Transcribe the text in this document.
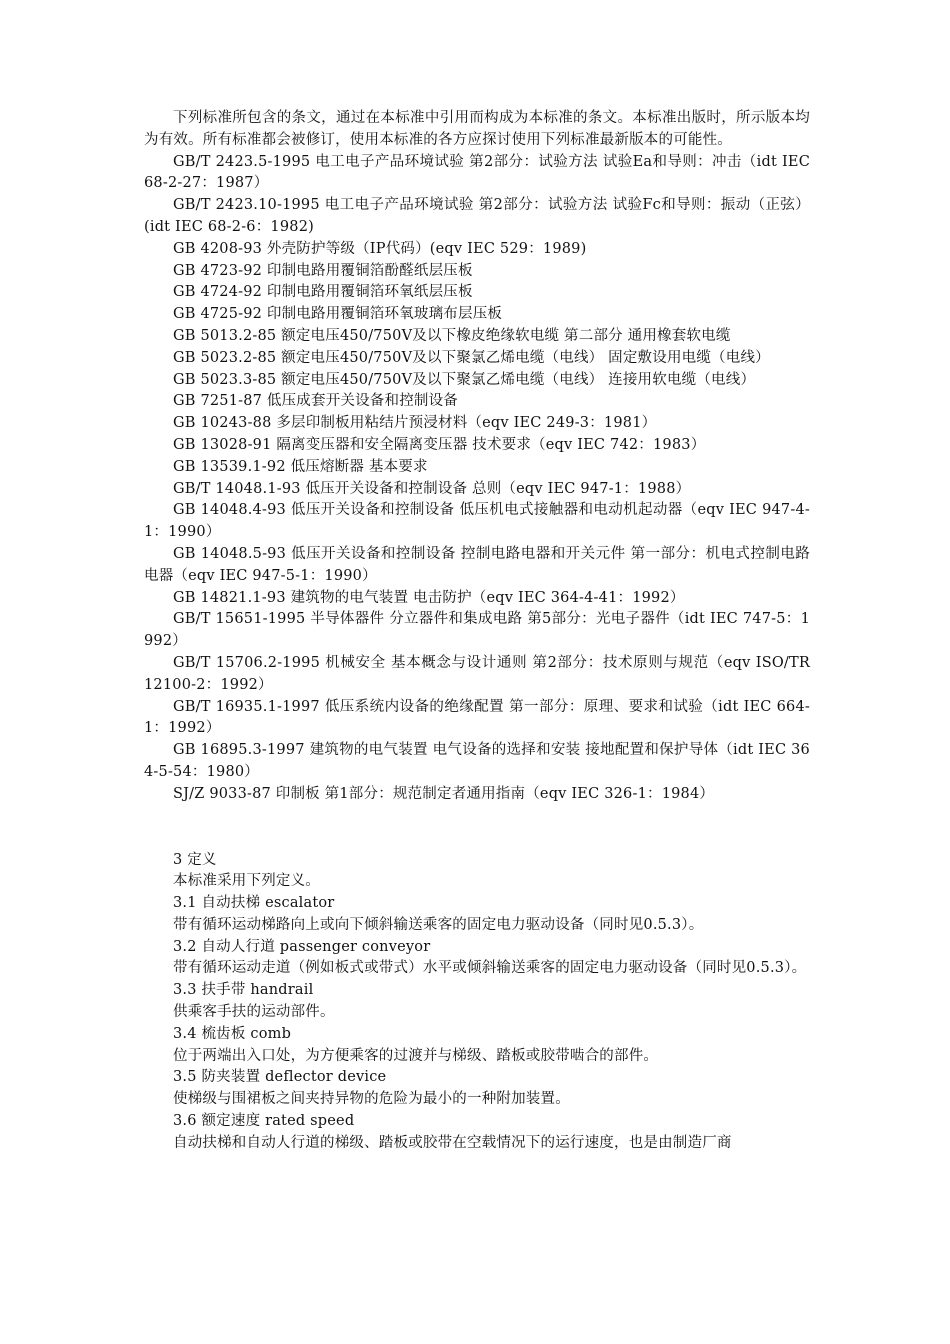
下列标准所包含的条文，通过在本标准中引用而构成为本标准的条文。本标准出版时，所示版本均为有效。所有标准都会被修订，使用本标准的各方应探讨使用下列标准最新版本的可能性。

GB/T 2423.5-1995 电工电子产品环境试验 第2部分：试验方法 试验Ea和导则：冲击（idt IEC 68-2-27：1987）

GB/T 2423.10-1995 电工电子产品环境试验 第2部分：试验方法 试验Fc和导则：振动（正弦）(idt IEC 68-2-6：1982)

GB 4208-93 外壳防护等级（IP代码）(eqv IEC 529：1989)

GB 4723-92 印制电路用覆铜箔酚醛纸层压板

GB 4724-92 印制电路用覆铜箔环氧纸层压板

GB 4725-92 印制电路用覆铜箔环氧玻璃布层压板

GB 5013.2-85 额定电压450/750V及以下橡皮绝缘软电缆 第二部分 通用橡套软电缆

GB 5023.2-85 额定电压450/750V及以下聚氯乙烯电缆（电线） 固定敷设用电缆（电线）

GB 5023.3-85 额定电压450/750V及以下聚氯乙烯电缆（电线） 连接用软电缆（电线）

GB 7251-87 低压成套开关设备和控制设备

GB 10243-88 多层印制板用粘结片预浸材料（eqv IEC 249-3：1981）

GB 13028-91 隔离变压器和安全隔离变压器 技术要求（eqv IEC 742：1983）

GB 13539.1-92 低压熔断器 基本要求

GB/T 14048.1-93 低压开关设备和控制设备 总则（eqv IEC 947-1：1988）

GB 14048.4-93 低压开关设备和控制设备 低压机电式接触器和电动机起动器（eqv IEC 947-4-1：1990）

GB 14048.5-93 低压开关设备和控制设备 控制电路电器和开关元件 第一部分：机电式控制电路电器（eqv IEC 947-5-1：1990）

GB 14821.1-93 建筑物的电气装置 电击防护（eqv IEC 364-4-41：1992）

GB/T 15651-1995 半导体器件 分立器件和集成电路 第5部分：光电子器件（idt IEC 747-5：1992）

GB/T 15706.2-1995 机械安全 基本概念与设计通则 第2部分：技术原则与规范（eqv ISO/TR 12100-2：1992）

GB/T 16935.1-1997 低压系统内设备的绝缘配置 第一部分：原理、要求和试验（idt IEC 664-1：1992）

GB 16895.3-1997 建筑物的电气装置 电气设备的选择和安装 接地配置和保护导体（idt IEC 364-5-54：1980）

SJ/Z 9033-87 印制板 第1部分：规范制定者通用指南（eqv IEC 326-1：1984）

3 定义

本标准采用下列定义。

3.1 自动扶梯 escalator

带有循环运动梯路向上或向下倾斜输送乘客的固定电力驱动设备（同时见0.5.3）。

3.2 自动人行道 passenger conveyor

带有循环运动走道（例如板式或带式）水平或倾斜输送乘客的固定电力驱动设备（同时见0.5.3）。

3.3 扶手带 handrail

供乘客手扶的运动部件。

3.4 梳齿板 comb

位于两端出入口处，为方便乘客的过渡并与梯级、踏板或胶带啮合的部件。

3.5 防夹装置 deflector device

使梯级与围裙板之间夹持异物的危险为最小的一种附加装置。

3.6 额定速度 rated speed

自动扶梯和自动人行道的梯级、踏板或胶带在空载情况下的运行速度，也是由制造厂商
